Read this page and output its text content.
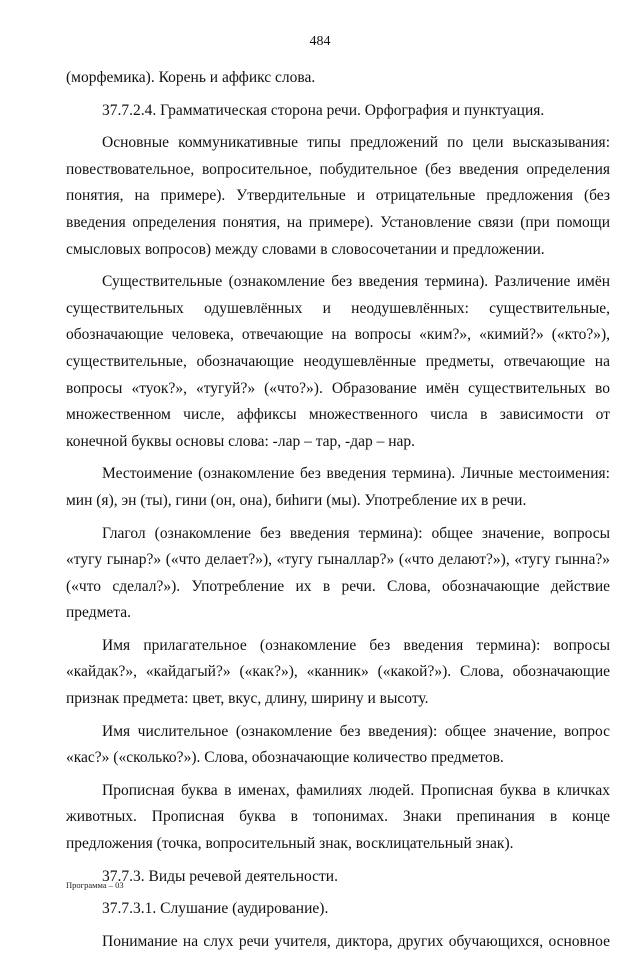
484

(морфемика). Корень и аффикс слова.

37.7.2.4. Грамматическая сторона речи. Орфография и пунктуация.

Основные коммуникативные типы предложений по цели высказывания: повествовательное, вопросительное, побудительное (без введения определения понятия, на примере). Утвердительные и отрицательные предложения (без введения определения понятия, на примере). Установление связи (при помощи смысловых вопросов) между словами в словосочетании и предложении.

Существительные (ознакомление без введения термина). Различение имён существительных одушевлённых и неодушевлённых: существительные, обозначающие человека, отвечающие на вопросы «ким?», «кимий?» («кто?»), существительные, обозначающие неодушевлённые предметы, отвечающие на вопросы «туок?», «тугуй?» («что?»). Образование имён существительных во множественном числе, аффиксы множественного числа в зависимости от конечной буквы основы слова: -лар – тар, -дар – нар.

Местоимение (ознакомление без введения термина). Личные местоимения: мин (я), эн (ты), гини (он, она), биһиги (мы). Употребление их в речи.

Глагол (ознакомление без введения термина): общее значение, вопросы «тугу гынар?» («что делает?»), «тугу гыналлар?» («что делают?»), «тугу гынна?» («что сделал?»). Употребление их в речи. Слова, обозначающие действие предмета.

Имя прилагательное (ознакомление без введения термина): вопросы «кайдак?», «кайдагый?» («как?»), «канник» («какой?»). Слова, обозначающие признак предмета: цвет, вкус, длину, ширину и высоту.

Имя числительное (ознакомление без введения): общее значение, вопрос «кас?» («сколько?»). Слова, обозначающие количество предметов.

Прописная буква в именах, фамилиях людей. Прописная буква в кличках животных. Прописная буква в топонимах. Знаки препинания в конце предложения (точка, вопросительный знак, восклицательный знак).

37.7.3. Виды речевой деятельности.

37.7.3.1. Слушание (аудирование).

Понимание на слух речи учителя, диктора, других обучающихся, основное

Программа – 03
